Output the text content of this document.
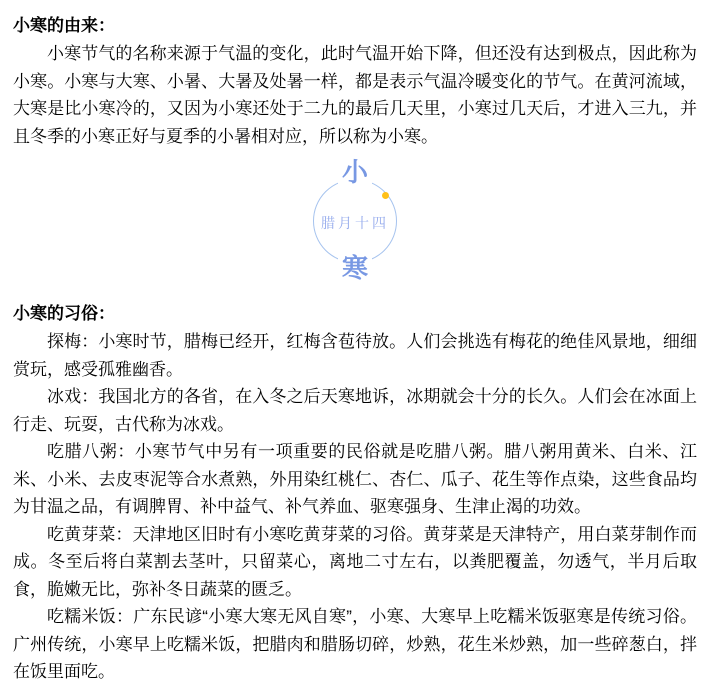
小寒的由来：

小寒节气的名称来源于气温的变化，此时气温开始下降，但还没有达到极点，因此称为小寒。小寒与大寒、小暑、大暑及处暑一样，都是表示气温冷暖变化的节气。在黄河流域，大寒是比小寒冷的，又因为小寒还处于二九的最后几天里，小寒过几天后，才进入三九，并且冬季的小寒正好与夏季的小暑相对应，所以称为小寒。

小
腊月十四
寒
小寒的习俗：

探梅：小寒时节，腊梅已经开，红梅含苞待放。人们会挑选有梅花的绝佳风景地，细细赏玩，感受孤雅幽香。

冰戏：我国北方的各省，在入冬之后天寒地诉，冰期就会十分的长久。人们会在冰面上行走、玩耍，古代称为冰戏。

吃腊八粥：小寒节气中另有一项重要的民俗就是吃腊八粥。腊八粥用黄米、白米、江米、小米、去皮枣泥等合水煮熟，外用染红桃仁、杏仁、瓜子、花生等作点染，这些食品均为甘温之品，有调脾胃、补中益气、补气养血、驱寒强身、生津止渴的功效。

吃黄芽菜：天津地区旧时有小寒吃黄芽菜的习俗。黄芽菜是天津特产，用白菜芽制作而成。冬至后将白菜割去茎叶，只留菜心，离地二寸左右，以粪肥覆盖，勿透气，半月后取食，脆嫩无比，弥补冬日蔬菜的匮乏。

吃糯米饭：广东民谚“小寒大寒无风自寒”，小寒、大寒早上吃糯米饭驱寒是传统习俗。广州传统，小寒早上吃糯米饭，把腊肉和腊肠切碎，炒熟，花生米炒熟，加一些碎葱白，拌在饭里面吃。
